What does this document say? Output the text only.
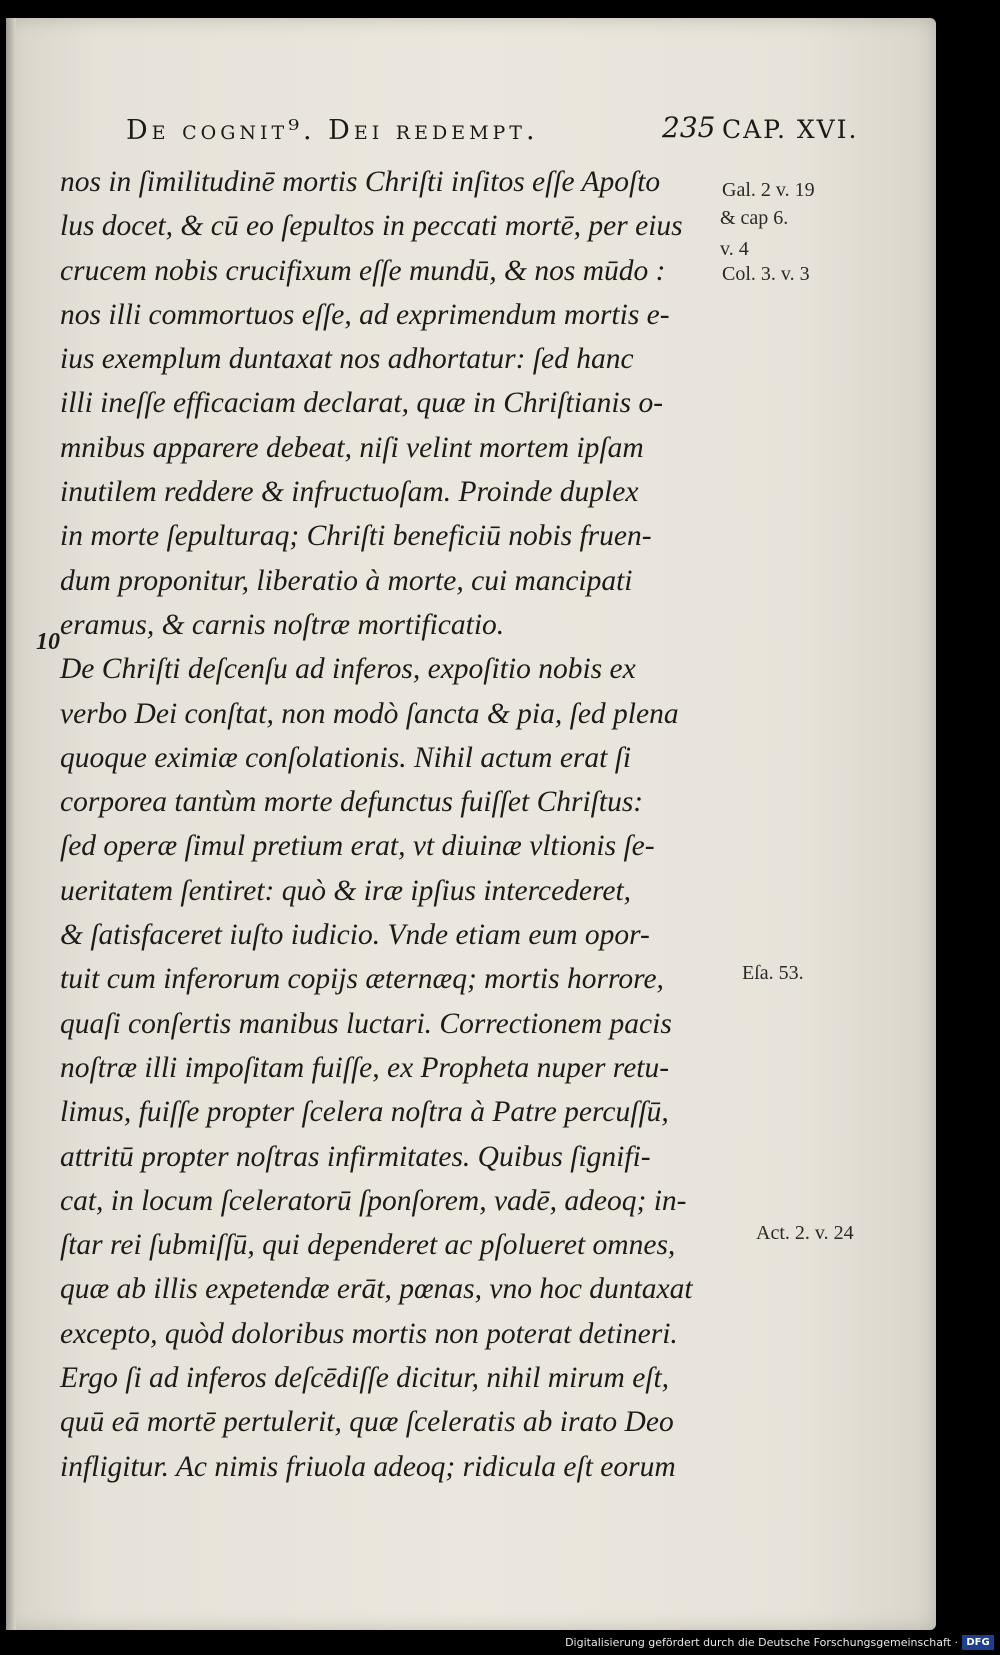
De cognit⁹. Dei redempt.	235 CAP. XVI.
10
nos in ſimilitudinē mortis Chriſti inſitos eſſe Apoſto
lus docet, & cū eo ſepultos in peccati mortē, per eius
crucem nobis crucifixum eſſe mundū, & nos mūdo :
nos illi commortuos eſſe, ad exprimendum mortis e-
ius exemplum duntaxat nos adhortatur: ſed hanc
illi ineſſe efficaciam declarat, quæ in Chriſtianis o-
mnibus apparere debeat, niſi velint mortem ipſam
inutilem reddere & infructuoſam. Proinde duplex
in morte ſepulturaq; Chriſti beneficiū nobis fruen-
dum proponitur, liberatio à morte, cui mancipati
eramus, & carnis noſtræ mortificatio.
De Chriſti deſcenſu ad inferos, expoſitio nobis ex
verbo Dei conſtat, non modò ſancta & pia, ſed plena
quoque eximiæ conſolationis. Nihil actum erat ſi
corporea tantùm morte defunctus fuiſſet Chriſtus:
ſed operæ ſimul pretium erat, vt diuinæ vltionis ſe-
ueritatem ſentiret: quò & iræ ipſius intercederet,
& ſatisfaceret iuſto iudicio. Vnde etiam eum opor-
tuit cum inferorum copijs æternæq; mortis horrore,
quaſi conſertis manibus luctari. Correctionem pacis
noſtræ illi impoſitam fuiſſe, ex Propheta nuper retu-
limus, fuiſſe propter ſcelera noſtra à Patre percuſſū,
attritū propter noſtras infirmitates. Quibus ſignifi-
cat, in locum ſceleratorū ſponſorem, vadē, adeoq; in-
ſtar rei ſubmiſſū, qui dependeret ac pſolueret omnes,
quæ ab illis expetendæ erāt, pœnas, vno hoc duntaxat
excepto, quòd doloribus mortis non poterat detineri.
Ergo ſi ad inferos deſcēdiſſe dicitur, nihil mirum eſt,
quū eā mortē pertulerit, quæ ſceleratis ab irato Deo
infligitur. Ac nimis friuola adeoq; ridicula eſt eorum
Gal. 2 v. 19
& cap 6.
v. 4
Col. 3. v. 3
Eſa. 53.
Act. 2. v. 24
Digitalisierung gefördert durch die Deutsche Forschungsgemeinschaft · DFG
